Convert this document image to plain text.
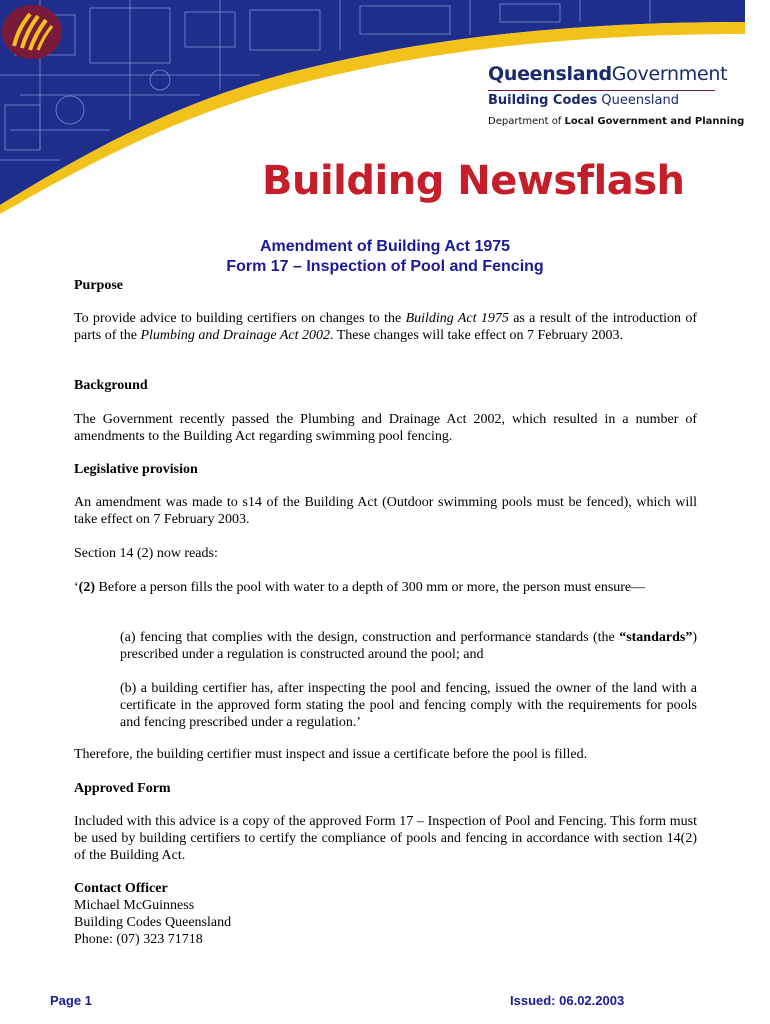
QueenslandGovernment
Building Codes Queensland
Department of Local Government and Planning
Building Newsflash
Amendment of Building Act 1975
Form 17 – Inspection of Pool and Fencing
Purpose
To provide advice to building certifiers on changes to the Building Act 1975 as a result of the introduction of parts of the Plumbing and Drainage Act 2002. These changes will take effect on 7 February 2003.
Background
The Government recently passed the Plumbing and Drainage Act 2002, which resulted in a number of amendments to the Building Act regarding swimming pool fencing.
Legislative provision
An amendment was made to s14 of the Building Act (Outdoor swimming pools must be fenced), which will take effect on 7 February 2003.
Section 14 (2) now reads:
‘(2) Before a person fills the pool with water to a depth of 300 mm or more, the person must ensure—
(a) fencing that complies with the design, construction and performance standards (the “standards”) prescribed under a regulation is constructed around the pool; and
(b) a building certifier has, after inspecting the pool and fencing, issued the owner of the land with a certificate in the approved form stating the pool and fencing comply with the requirements for pools and fencing prescribed under a regulation.’
Therefore, the building certifier must inspect and issue a certificate before the pool is filled.
Approved Form
Included with this advice is a copy of the approved Form 17 – Inspection of Pool and Fencing. This form must be used by building certifiers to certify the compliance of pools and fencing in accordance with section 14(2) of the Building Act.
Contact Officer
Michael McGuinness
Building Codes Queensland
Phone: (07) 323 71718
Page 1	Issued: 06.02.2003
